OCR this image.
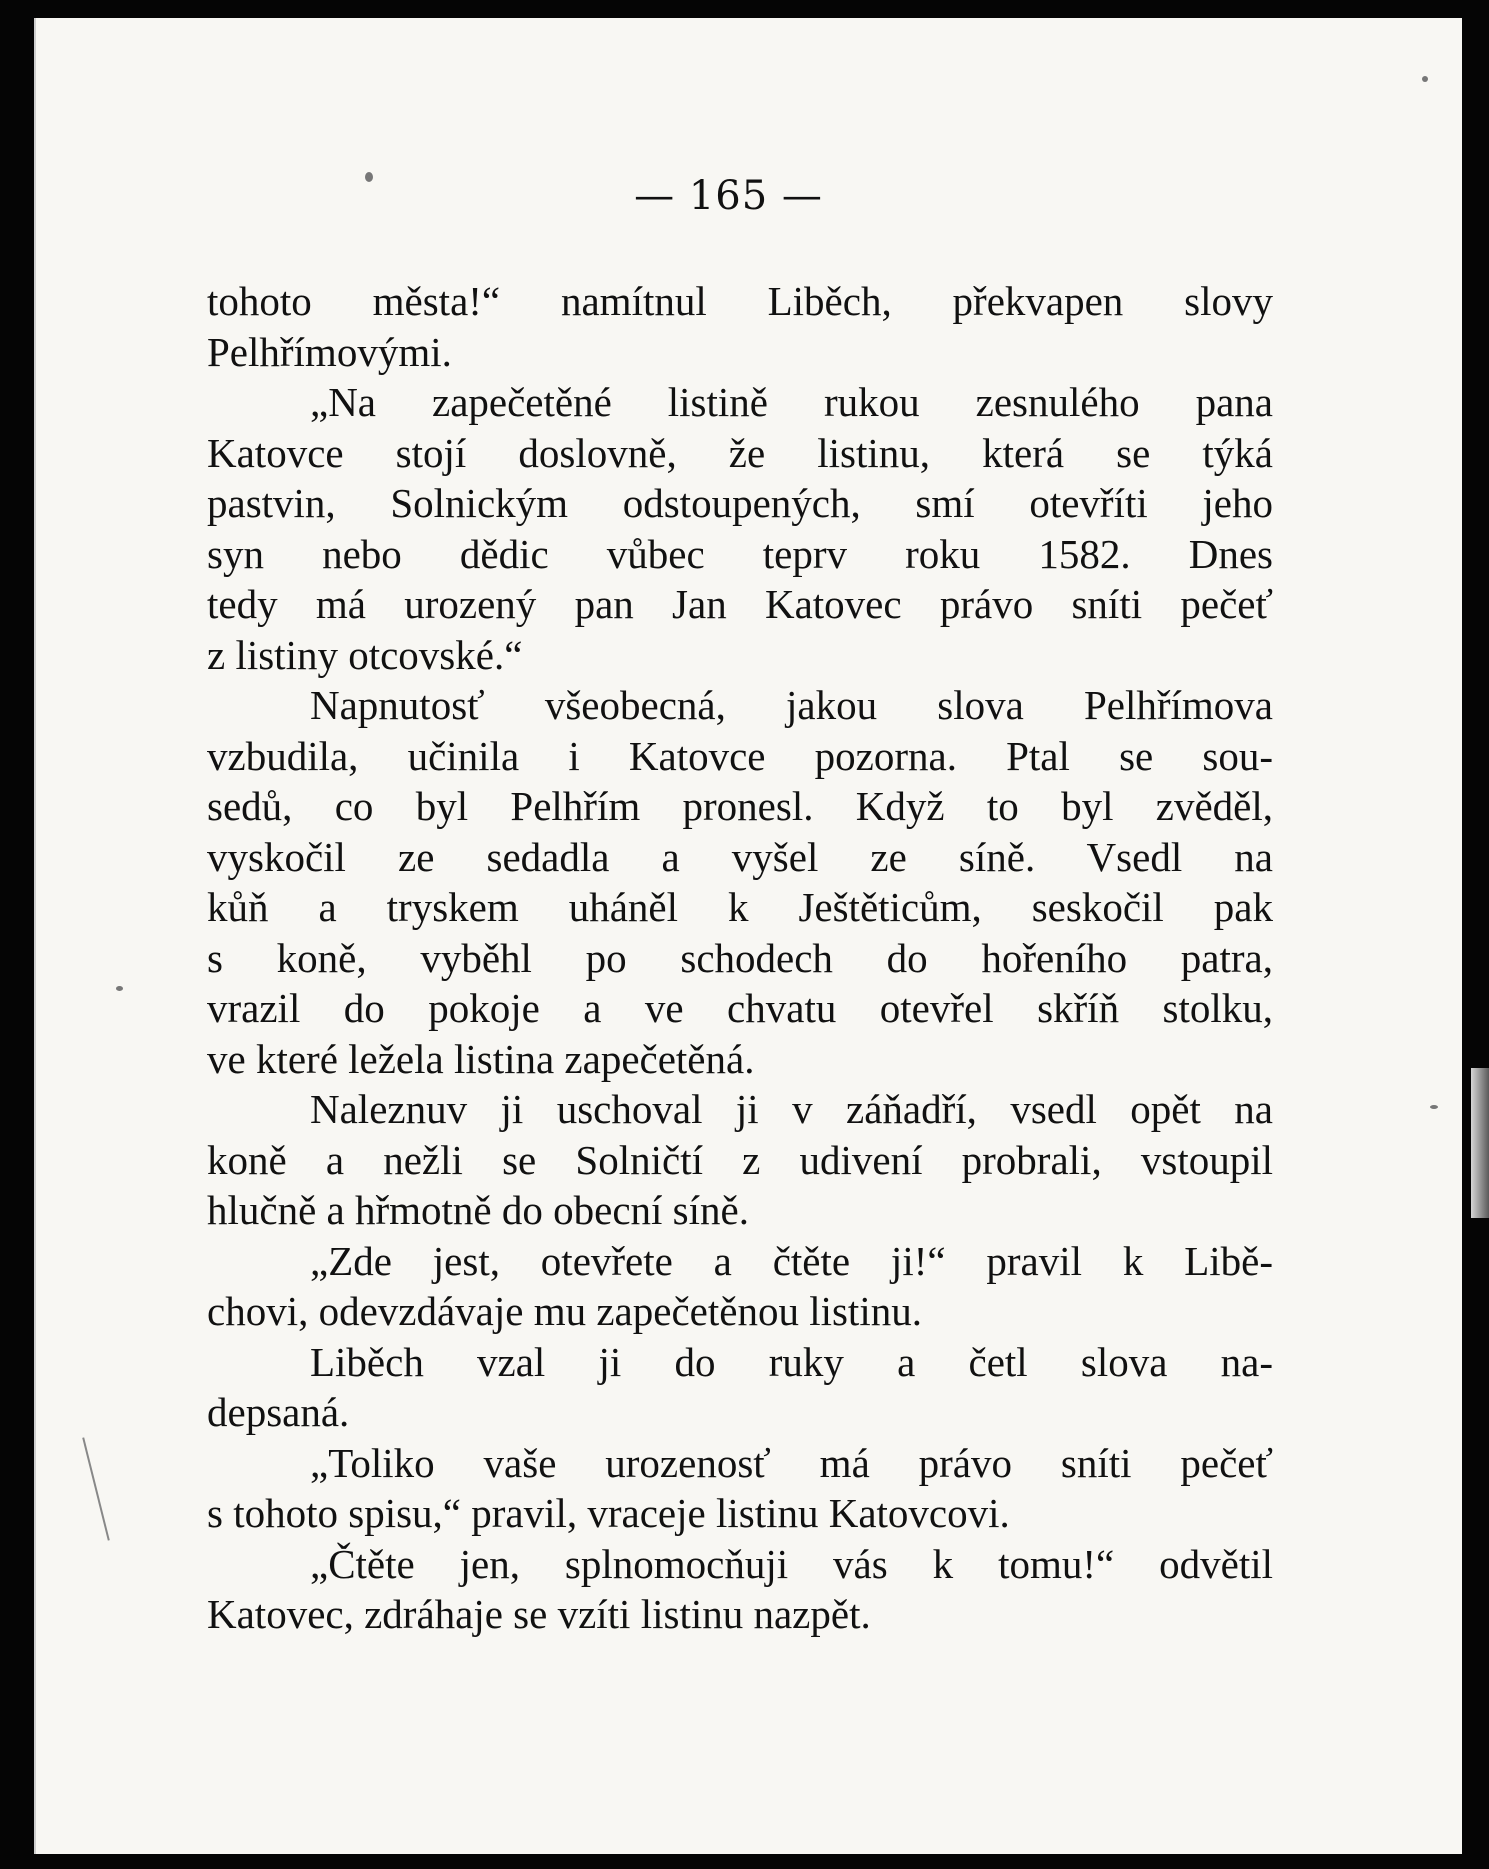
— 165 —
tohoto města!“ namítnul Liběch, překvapen slovy
Pelhřímovými.
„Na zapečetěné listině rukou zesnulého pana
Katovce stojí doslovně, že listinu, která se týká
pastvin, Solnickým odstoupených, smí otevříti jeho
syn nebo dědic vůbec teprv roku 1582. Dnes
tedy má urozený pan Jan Katovec právo sníti pečeť
z listiny otcovské.“
Napnutosť všeobecná, jakou slova Pelhřímova
vzbudila, učinila i Katovce pozorna. Ptal se sou-
sedů, co byl Pelhřím pronesl. Když to byl zvěděl,
vyskočil ze sedadla a vyšel ze síně. Vsedl na
kůň a tryskem uháněl k Ještěticům, seskočil pak
s koně, vyběhl po schodech do hořeního patra,
vrazil do pokoje a ve chvatu otevřel skříň stolku,
ve které ležela listina zapečetěná.
Naleznuv ji uschoval ji v záňadří, vsedl opět na
koně a nežli se Solničtí z udivení probrali, vstoupil
hlučně a hřmotně do obecní síně.
„Zde jest, otevřete a čtěte ji!“ pravil k Libě-
chovi, odevzdávaje mu zapečetěnou listinu.
Liběch vzal ji do ruky a četl slova na-
depsaná.
„Toliko vaše urozenosť má právo sníti pečeť
s tohoto spisu,“ pravil, vraceje listinu Katovcovi.
„Čtěte jen, splnomocňuji vás k tomu!“ odvětil
Katovec, zdráhaje se vzíti listinu nazpět.
